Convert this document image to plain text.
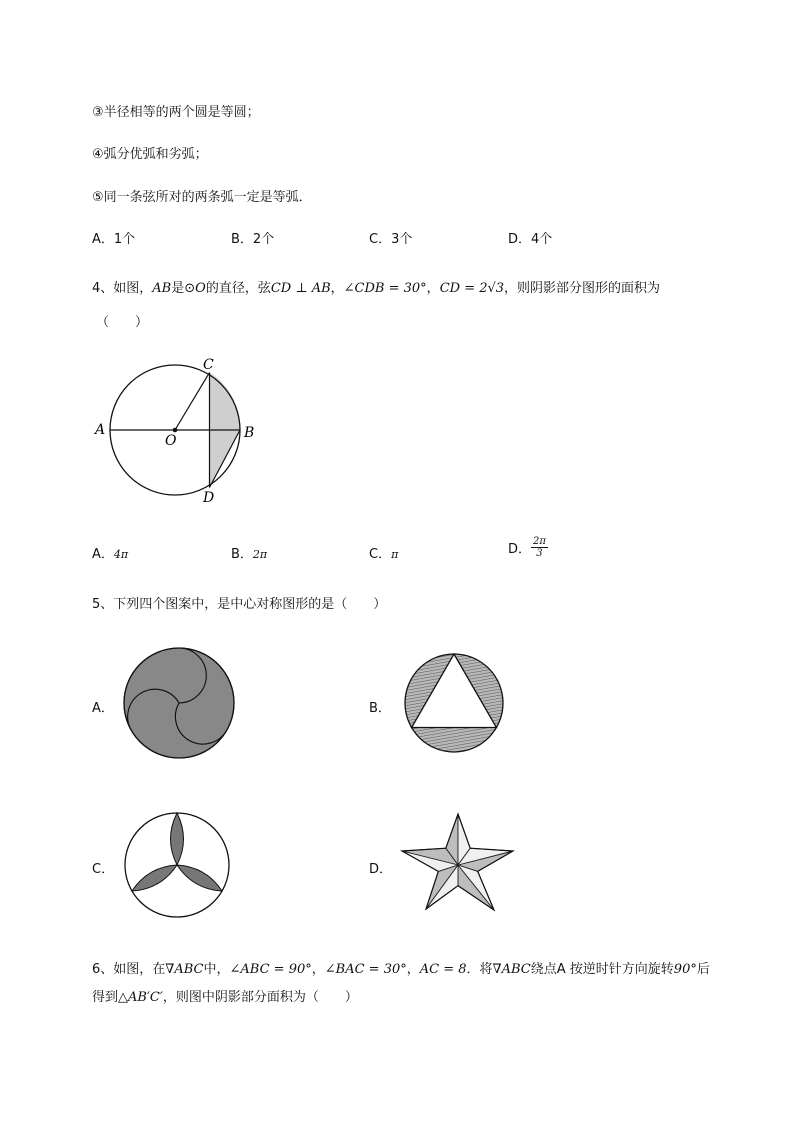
③半径相等的两个圆是等圆；
④弧分优弧和劣弧；
⑤同一条弦所对的两条弧一定是等弧．
A．1个	B．2个	C．3个	D．4个
4、如图，AB是⊙O的直径，弦CD ⊥ AB，∠CDB = 30°，CD = 2√3，则阴影部分图形的面积为
（　　）
C
A
O	B
D
A．4π	B．2π	C．π	D． $\frac{2\pi}{3}$
5、下列四个图案中，是中心对称图形的是（　　）
A．	B．
C．	D．
6、如图，在∇ABC中，∠ABC = 90°，∠BAC = 30°，AC = 8．将∇ABC绕点A 按逆时针方向旋转90°后
得到△AB′C′，则图中阴影部分面积为（　　）
